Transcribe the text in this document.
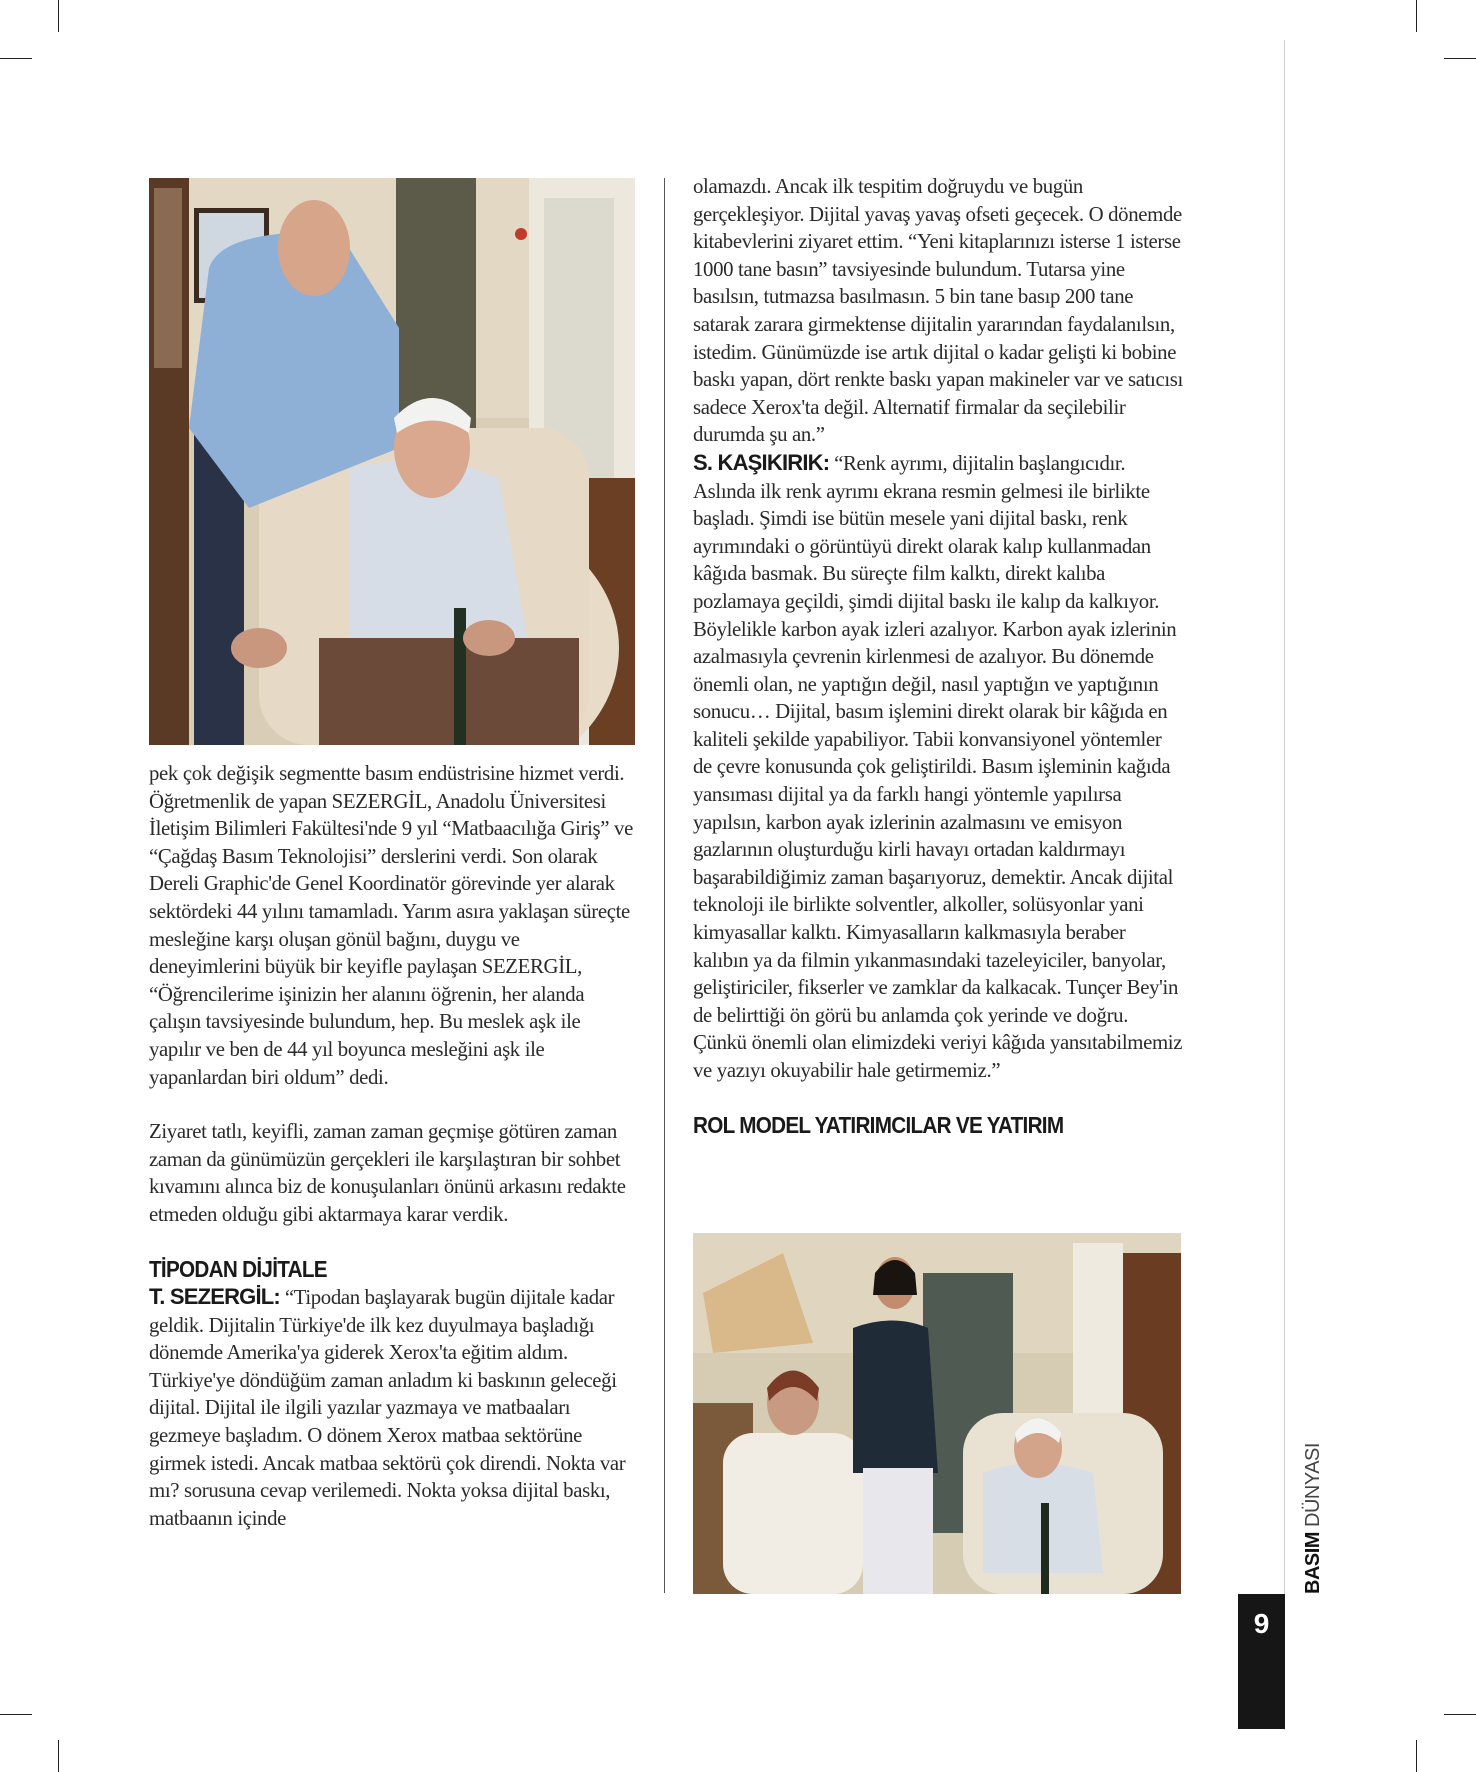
pek çok değişik segmentte basım endüstrisine hizmet verdi. Öğretmenlik de yapan SEZERGİL, Anadolu Üniversitesi İletişim Bilimleri Fakültesi'nde 9 yıl “Matbaacılığa Giriş” ve “Çağdaş Basım Teknolojisi” derslerini verdi. Son olarak Dereli Graphic'de Genel Koordinatör görevinde yer alarak sektördeki 44 yılını tamamladı. Yarım asıra yaklaşan süreçte mesleğine karşı oluşan gönül bağını, duygu ve deneyimlerini büyük bir keyifle paylaşan SEZERGİL, “Öğrencilerime işinizin her alanını öğrenin, her alanda çalışın tavsiyesinde bulundum, hep. Bu meslek aşk ile yapılır ve ben de 44 yıl boyunca mesleğini aşk ile yapanlardan biri oldum” dedi.

Ziyaret tatlı, keyifli, zaman zaman geçmişe götüren zaman zaman da günümüzün gerçekleri ile karşılaştıran bir sohbet kıvamını alınca biz de konuşulanları önünü arkasını redakte etmeden olduğu gibi aktarmaya karar verdik.

TİPODAN DİJİTALE

T. SEZERGİL: “Tipodan başlayarak bugün dijitale kadar geldik. Dijitalin Türkiye'de ilk kez duyulmaya başladığı dönemde Amerika'ya giderek Xerox'ta eğitim aldım. Türkiye'ye döndüğüm zaman anladım ki baskının geleceği dijital. Dijital ile ilgili yazılar yazmaya ve matbaaları gezmeye başladım. O dönem Xerox matbaa sektörüne girmek istedi. Ancak matbaa sektörü çok direndi. Nokta var mı? sorusuna cevap verilemedi. Nokta yoksa dijital baskı, matbaanın içinde

olamazdı. Ancak ilk tespitim doğruydu ve bugün gerçekleşiyor. Dijital yavaş yavaş ofseti geçecek. O dönemde kitabevlerini ziyaret ettim. “Yeni kitaplarınızı isterse 1 isterse 1000 tane basın” tavsiyesinde bulundum. Tutarsa yine basılsın, tutmazsa basılmasın. 5 bin tane basıp 200 tane satarak zarara girmektense dijitalin yararından faydalanılsın, istedim. Günümüzde ise artık dijital o kadar gelişti ki bobine baskı yapan, dört renkte baskı yapan makineler var ve satıcısı sadece Xerox'ta değil. Alternatif firmalar da seçilebilir durumda şu an.”

S. KAŞIKIRIK: “Renk ayrımı, dijitalin başlangıcıdır. Aslında ilk renk ayrımı ekrana resmin gelmesi ile birlikte başladı. Şimdi ise bütün mesele yani dijital baskı, renk ayrımındaki o görüntüyü direkt olarak kalıp kullanmadan kâğıda basmak. Bu süreçte film kalktı, direkt kalıba pozlamaya geçildi, şimdi dijital baskı ile kalıp da kalkıyor. Böylelikle karbon ayak izleri azalıyor. Karbon ayak izlerinin azalmasıyla çevrenin kirlenmesi de azalıyor. Bu dönemde önemli olan, ne yaptığın değil, nasıl yaptığın ve yaptığının sonucu… Dijital, basım işlemini direkt olarak bir kâğıda en kaliteli şekilde yapabiliyor. Tabii konvansiyonel yöntemler de çevre konusunda çok geliştirildi. Basım işleminin kağıda yansıması dijital ya da farklı hangi yöntemle yapılırsa yapılsın, karbon ayak izlerinin azalmasını ve emisyon gazlarının oluşturduğu kirli havayı ortadan kaldırmayı başarabildiğimiz zaman başarıyoruz, demektir. Ancak dijital teknoloji ile birlikte solventler, alkoller, solüsyonlar yani kimyasallar kalktı. Kimyasalların kalkmasıyla beraber kalıbın ya da filmin yıkanmasındaki tazeleyiciler, banyolar, geliştiriciler, fikserler ve zamklar da kalkacak. Tunçer Bey'in de belirttiği ön görü bu anlamda çok yerinde ve doğru. Çünkü önemli olan elimizdeki veriyi kâğıda yansıtabilmemiz ve yazıyı okuyabilir hale getirmemiz.”

ROL MODEL YATIRIMCILAR VE YATIRIM
BASIM DÜNYASI
9
